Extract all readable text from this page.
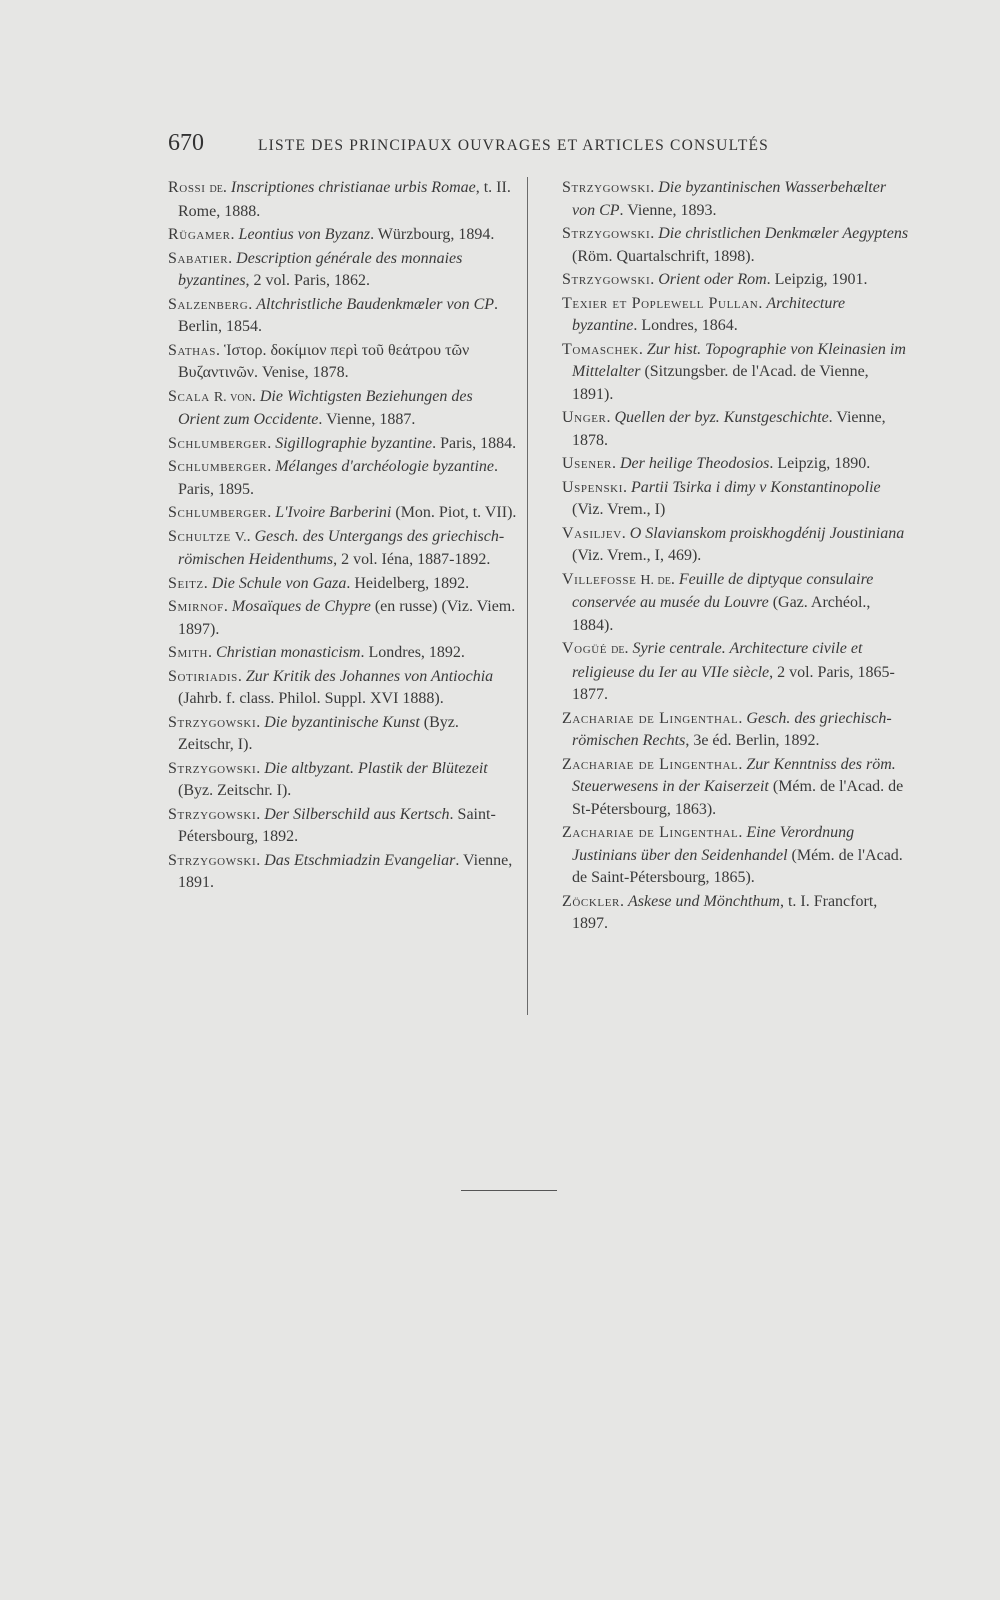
670	LISTE DES PRINCIPAUX OUVRAGES ET ARTICLES CONSULTÉS
Rossi de. Inscriptiones christianae urbis Romae, t. II. Rome, 1888.
Rügamer. Leontius von Byzanz. Würzbourg, 1894.
Sabatier. Description générale des monnaies byzantines, 2 vol. Paris, 1862.
Salzenberg. Altchristliche Baudenkmæler von CP. Berlin, 1854.
Sathas. Ἱστορ. δοκίμιον περὶ τοῦ θεάτρου τῶν Βυζαντινῶν. Venise, 1878.
Scala R. von. Die Wichtigsten Beziehungen des Orient zum Occidente. Vienne, 1887.
Schlumberger. Sigillographie byzantine. Paris, 1884.
Schlumberger. Mélanges d'archéologie byzantine. Paris, 1895.
Schlumberger. L'Ivoire Barberini (Mon. Piot, t. VII).
Schultze V.. Gesch. des Untergangs des griechisch-römischen Heidenthums, 2 vol. Iéna, 1887-1892.
Seitz. Die Schule von Gaza. Heidelberg, 1892.
Smirnof. Mosaïques de Chypre (en russe) (Viz. Viem. 1897).
Smith. Christian monasticism. Londres, 1892.
Sotiriadis. Zur Kritik des Johannes von Antiochia (Jahrb. f. class. Philol. Suppl. XVI 1888).
Strzygowski. Die byzantinische Kunst (Byz. Zeitschr, I).
Strzygowski. Die altbyzant. Plastik der Blütezeit (Byz. Zeitschr. I).
Strzygowski. Der Silberschild aus Kertsch. Saint-Pétersbourg, 1892.
Strzygowski. Das Etschmiadzin Evangeliar. Vienne, 1891.
Strzygowski. Die byzantinischen Wasserbehælter von CP. Vienne, 1893.
Strzygowski. Die christlichen Denkmæler Aegyptens (Röm. Quartalschrift, 1898).
Strzygowski. Orient oder Rom. Leipzig, 1901.
Texier et Poplewell Pullan. Architecture byzantine. Londres, 1864.
Tomaschek. Zur hist. Topographie von Kleinasien im Mittelalter (Sitzungsber. de l'Acad. de Vienne, 1891).
Unger. Quellen der byz. Kunstgeschichte. Vienne, 1878.
Usener. Der heilige Theodosios. Leipzig, 1890.
Uspenski. Partii Tsirka i dimy v Konstantinopolie (Viz. Vrem., I)
Vasiljev. O Slavianskom proiskhogdénij Joustiniana (Viz. Vrem., I, 469).
Villefosse H. de. Feuille de diptyque consulaire conservée au musée du Louvre (Gaz. Archéol., 1884).
Vogüé de. Syrie centrale. Architecture civile et religieuse du Ier au VIIe siècle, 2 vol. Paris, 1865-1877.
Zachariae de Lingenthal. Gesch. des griechisch-römischen Rechts, 3e éd. Berlin, 1892.
Zachariae de Lingenthal. Zur Kenntniss des röm. Steuerwesens in der Kaiserzeit (Mém. de l'Acad. de St-Pétersbourg, 1863).
Zachariae de Lingenthal. Eine Verordnung Justinians über den Seidenhandel (Mém. de l'Acad. de Saint-Pétersbourg, 1865).
Zöckler. Askese und Mönchthum, t. I. Francfort, 1897.
